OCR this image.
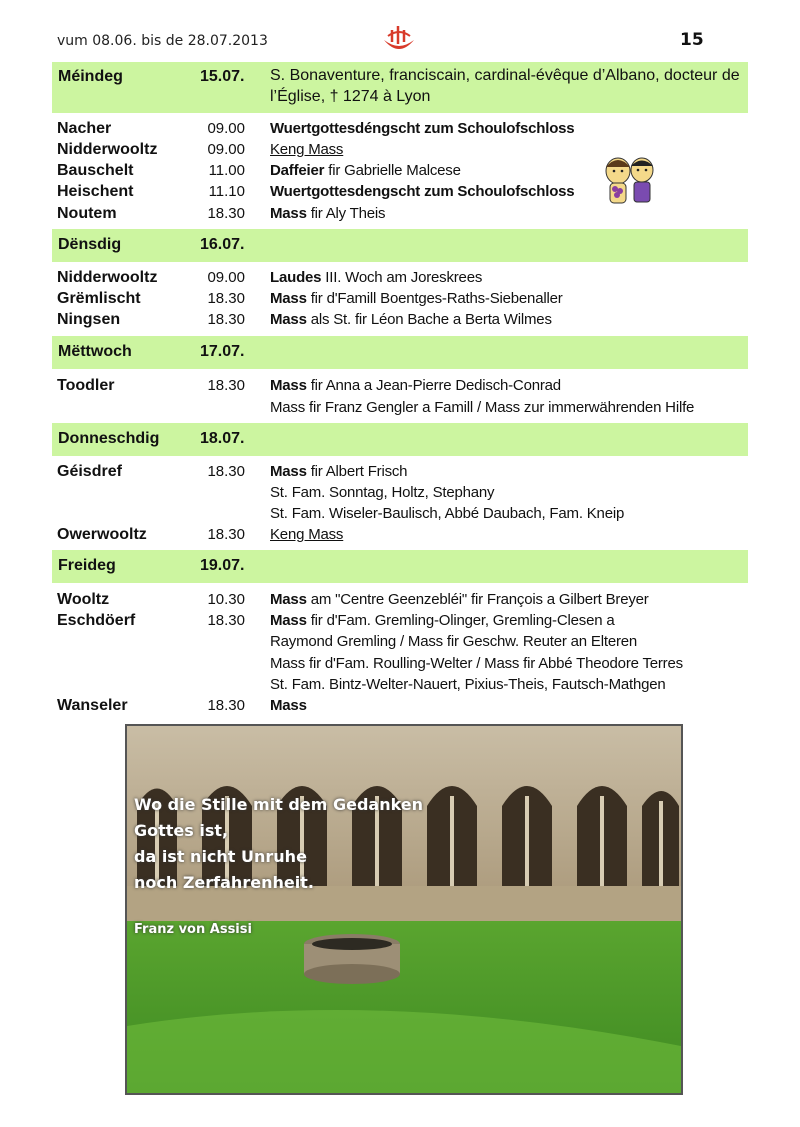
vum 08.06. bis de 28.07.2013	15
Méindeg	15.07. S. Bonaventure, franciscain, cardinal-évêque d’Albano, docteur de l’Église, † 1274 à Lyon
Nacher	09.00 Wuertgottesdéngscht zum Schoulofschloss
Nidderwooltz	09.00 Keng Mass
Bauschelt	11.00 Daffeier fir Gabrielle Malcese
Heischent	11.10 Wuertgottesdengscht zum Schoulofschloss
Noutem	18.30 Mass fir Aly Theis
Dënsdig	16.07.
Nidderwooltz	09.00 Laudes III. Woch am Joreskrees
Grëmlischt	18.30 Mass fir d'Famill Boentges-Raths-Siebenaller
Ningsen	18.30 Mass als St. fir Léon Bache a Berta Wilmes
Mëttwoch	17.07.
Toodler	18.30 Mass fir Anna a Jean-Pierre Dedisch-Conrad
Mass fir Franz Gengler a Famill / Mass zur immerwährenden Hilfe
Donneschdig	18.07.
Géisdref	18.30 Mass fir Albert Frisch
St. Fam. Sonntag, Holtz, Stephany
St. Fam. Wiseler-Baulisch, Abbé Daubach, Fam. Kneip
Owerwooltz	18.30 Keng Mass
Freideg	19.07.
Wooltz	10.30 Mass am "Centre Geenzebléi" fir François a Gilbert Breyer
Eschdöerf	18.30 Mass fir d'Fam. Gremling-Olinger, Gremling-Clesen a
Raymond Gremling / Mass fir Geschw. Reuter an Elteren
Mass fir d'Fam. Roulling-Welter / Mass fir Abbé Theodore Terres
St. Fam. Bintz-Welter-Nauert, Pixius-Theis, Fautsch-Mathgen
Wanseler	18.30 Mass
Wo die Stille mit dem Gedanken
Gottes ist,
da ist nicht Unruhe
noch Zerfahrenheit.
Franz von Assisi
